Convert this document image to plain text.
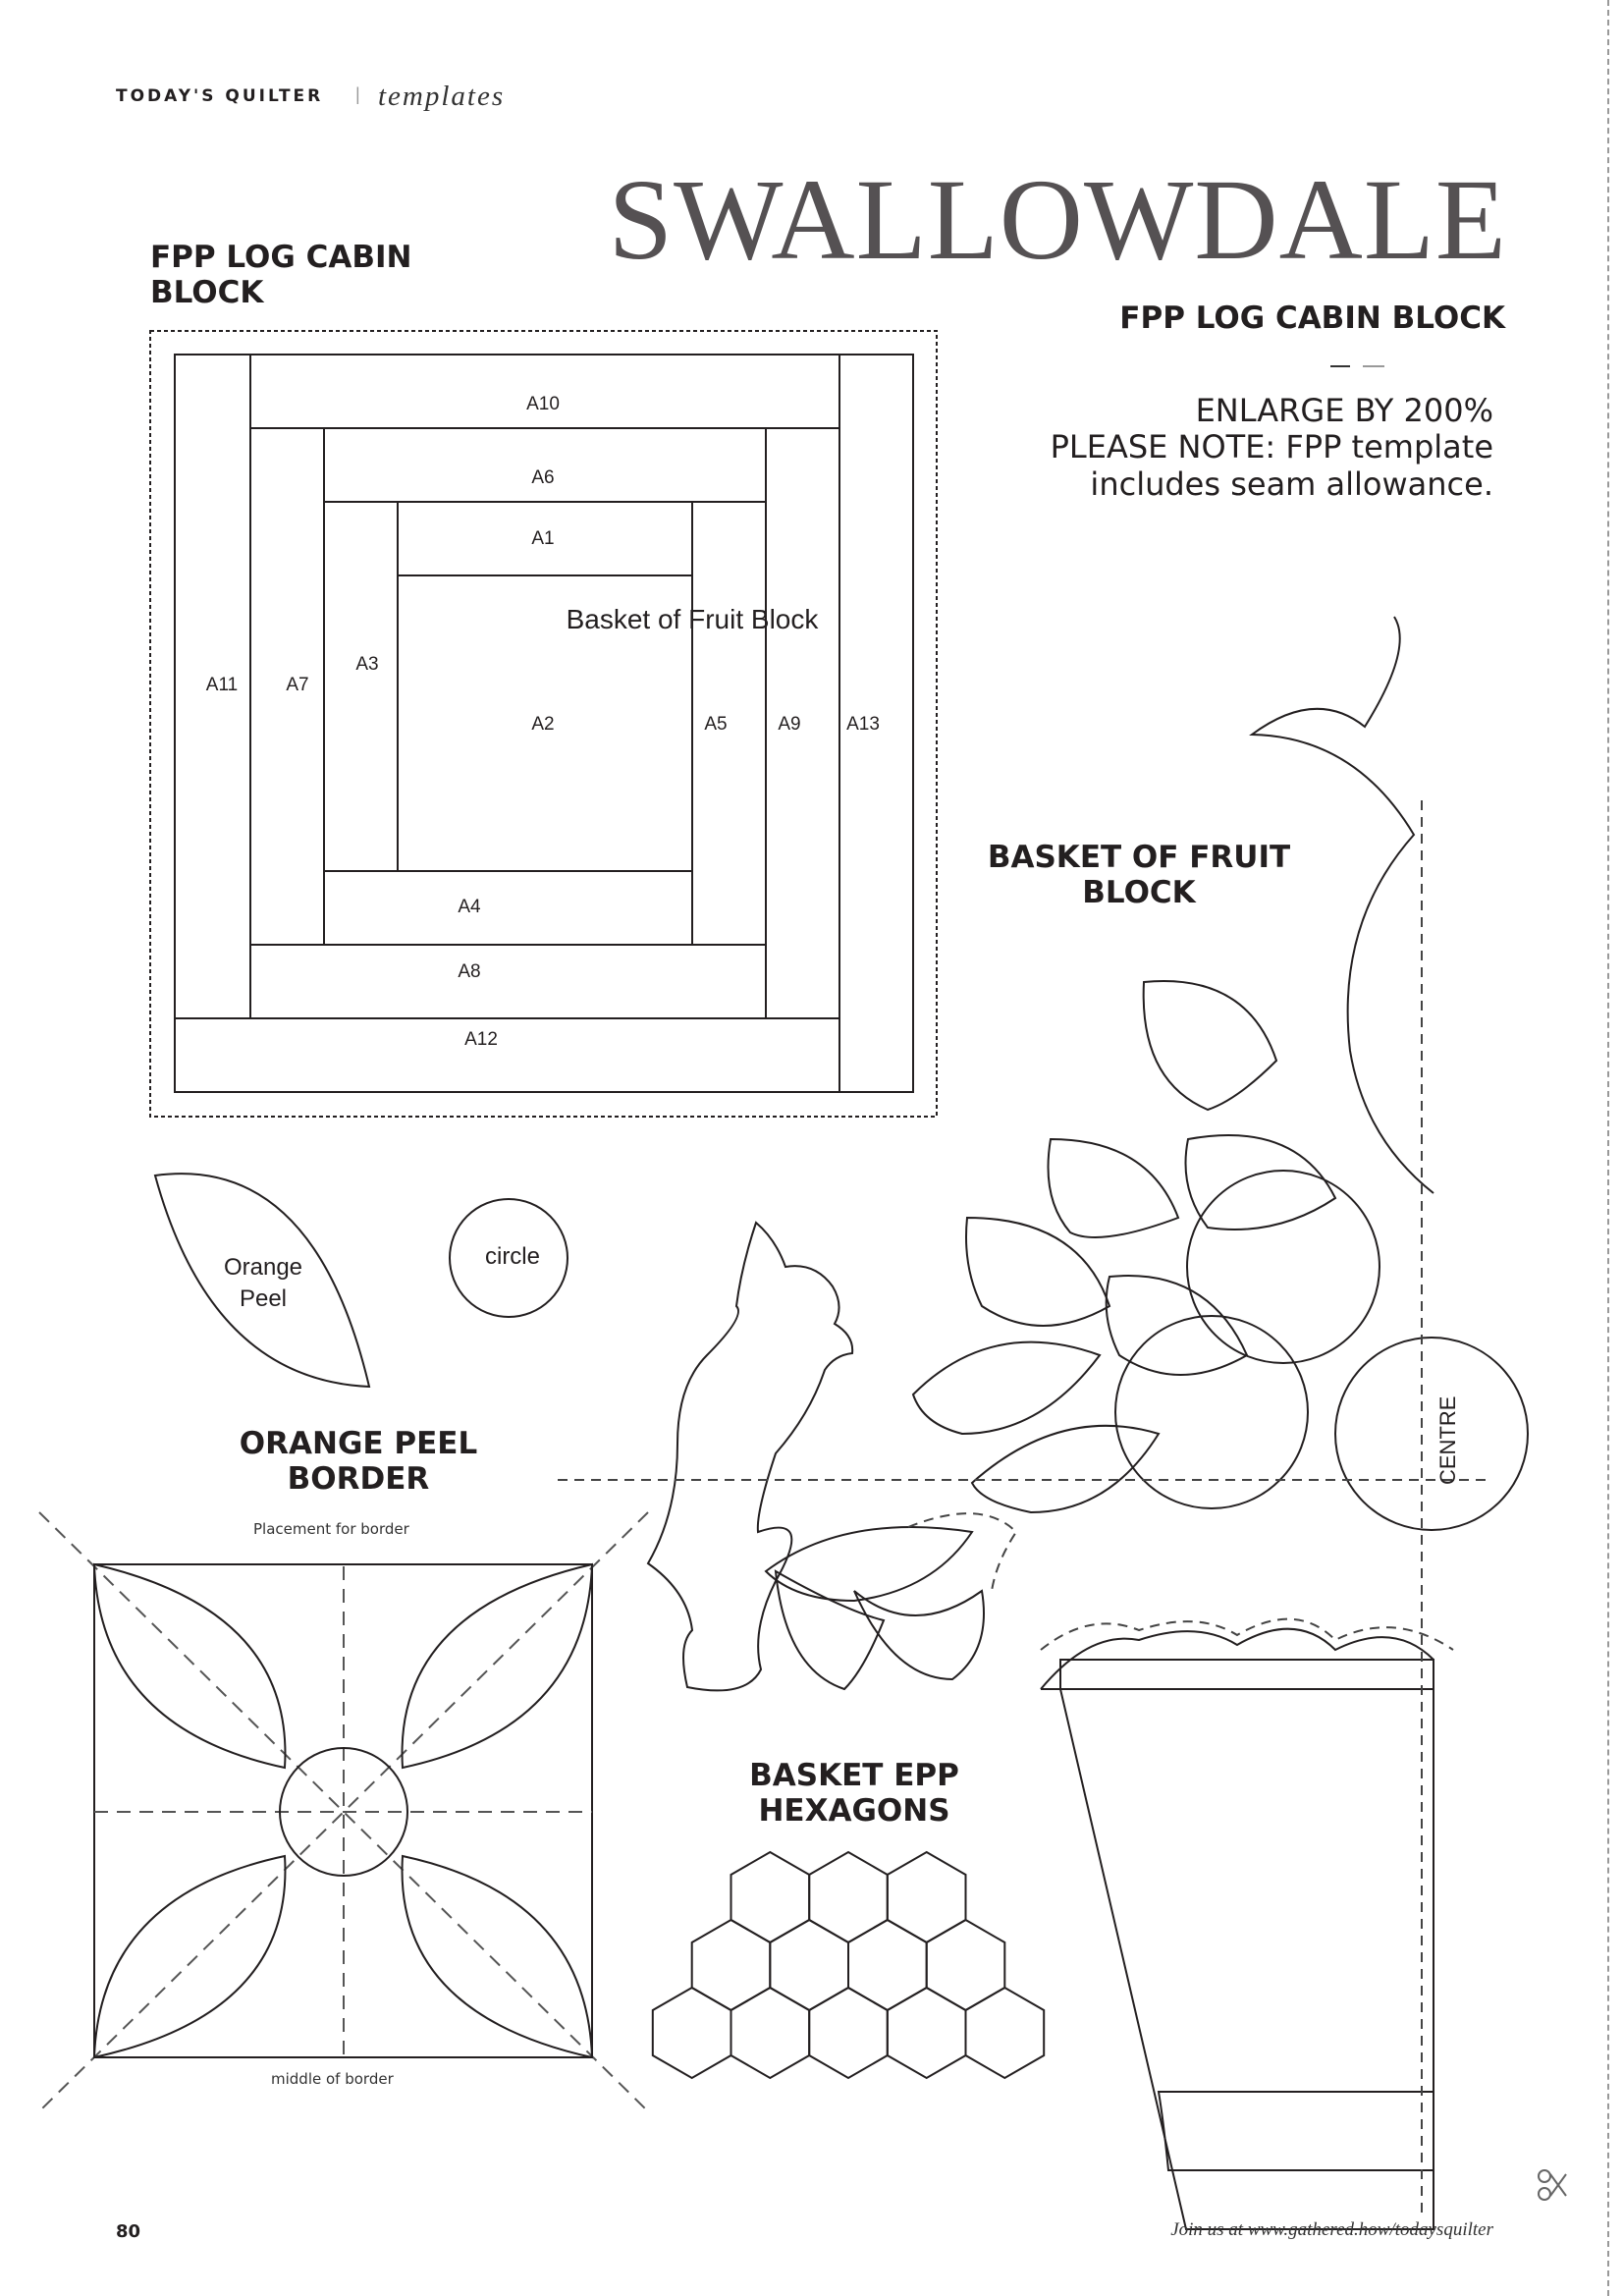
TODAY'S QUILTER | templates
SWALLOWDALE
FPP LOG CABIN
BLOCK
FPP LOG CABIN BLOCK
ENLARGE BY 200%
PLEASE NOTE: FPP template
includes seam allowance.
BASKET OF FRUIT
BLOCK
ORANGE PEEL
BORDER
Placement for border
middle of border
BASKET EPP
HEXAGONS
A10
A6
A1
A2
A3
A4
A5
A7
A8
A9
A11
A12
A13
Basket of Fruit Block
Orange
Peel
circle
CENTRE
80	Join us at www.gathered.how/todaysquilter
